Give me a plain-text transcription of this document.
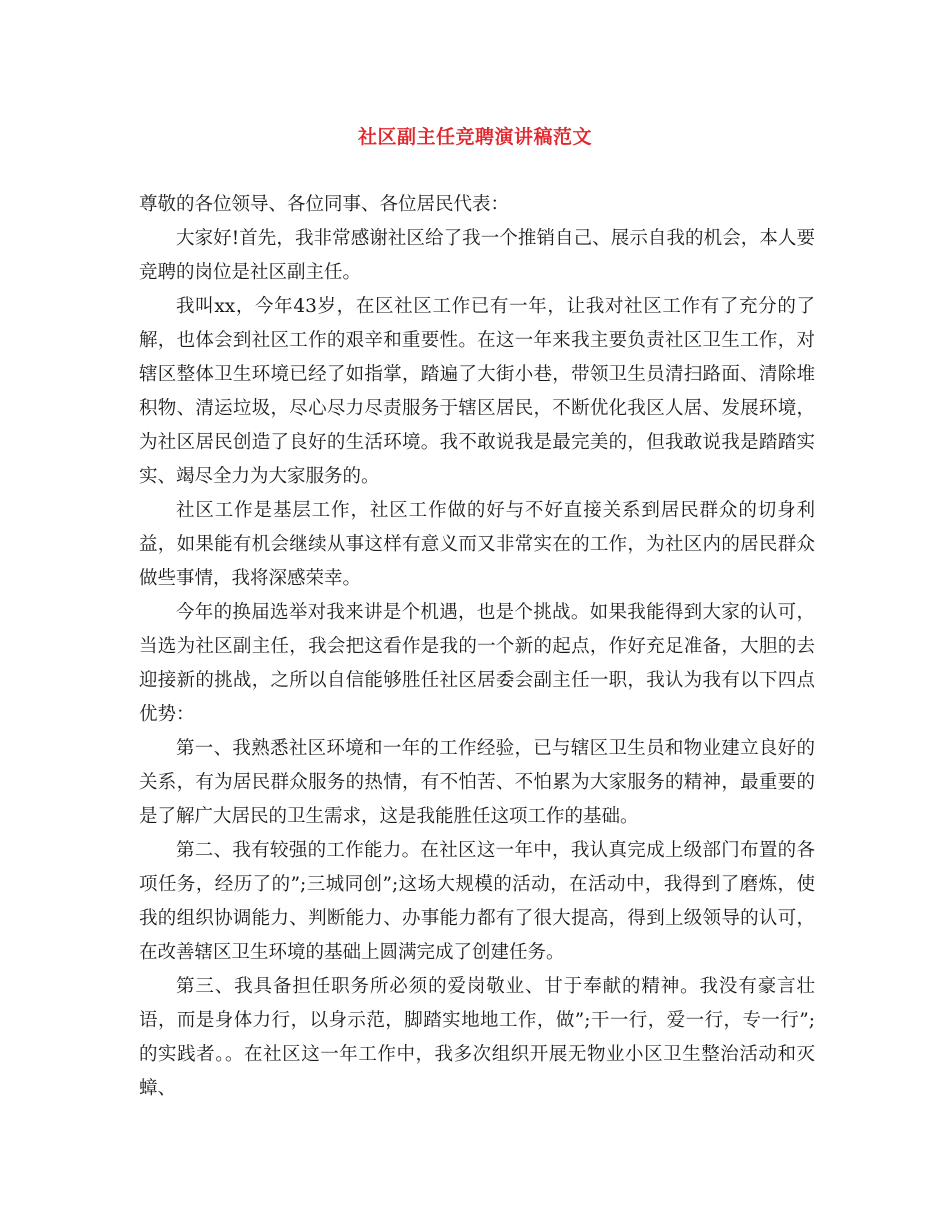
社区副主任竞聘演讲稿范文

尊敬的各位领导、各位同事、各位居民代表：

大家好!首先，我非常感谢社区给了我一个推销自己、展示自我的机会，本人要竞聘的岗位是社区副主任。

我叫xx，今年43岁，在区社区工作已有一年，让我对社区工作有了充分的了解，也体会到社区工作的艰辛和重要性。在这一年来我主要负责社区卫生工作，对辖区整体卫生环境已经了如指掌，踏遍了大街小巷，带领卫生员清扫路面、清除堆积物、清运垃圾，尽心尽力尽责服务于辖区居民，不断优化我区人居、发展环境，为社区居民创造了良好的生活环境。我不敢说我是最完美的，但我敢说我是踏踏实实、竭尽全力为大家服务的。

社区工作是基层工作，社区工作做的好与不好直接关系到居民群众的切身利益，如果能有机会继续从事这样有意义而又非常实在的工作，为社区内的居民群众做些事情，我将深感荣幸。

今年的换届选举对我来讲是个机遇，也是个挑战。如果我能得到大家的认可，当选为社区副主任，我会把这看作是我的一个新的起点，作好充足准备，大胆的去迎接新的挑战，之所以自信能够胜任社区居委会副主任一职，我认为我有以下四点优势：

第一、我熟悉社区环境和一年的工作经验，已与辖区卫生员和物业建立良好的关系，有为居民群众服务的热情，有不怕苦、不怕累为大家服务的精神，最重要的是了解广大居民的卫生需求，这是我能胜任这项工作的基础。

第二、我有较强的工作能力。在社区这一年中，我认真完成上级部门布置的各项任务，经历了的”;三城同创”;这场大规模的活动，在活动中，我得到了磨炼，使我的组织协调能力、判断能力、办事能力都有了很大提高，得到上级领导的认可，在改善辖区卫生环境的基础上圆满完成了创建任务。

第三、我具备担任职务所必须的爱岗敬业、甘于奉献的精神。我没有豪言壮语，而是身体力行，以身示范，脚踏实地地工作，做”;干一行，爱一行，专一行”;的实践者。。在社区这一年工作中，我多次组织开展无物业小区卫生整治活动和灭蟑、
